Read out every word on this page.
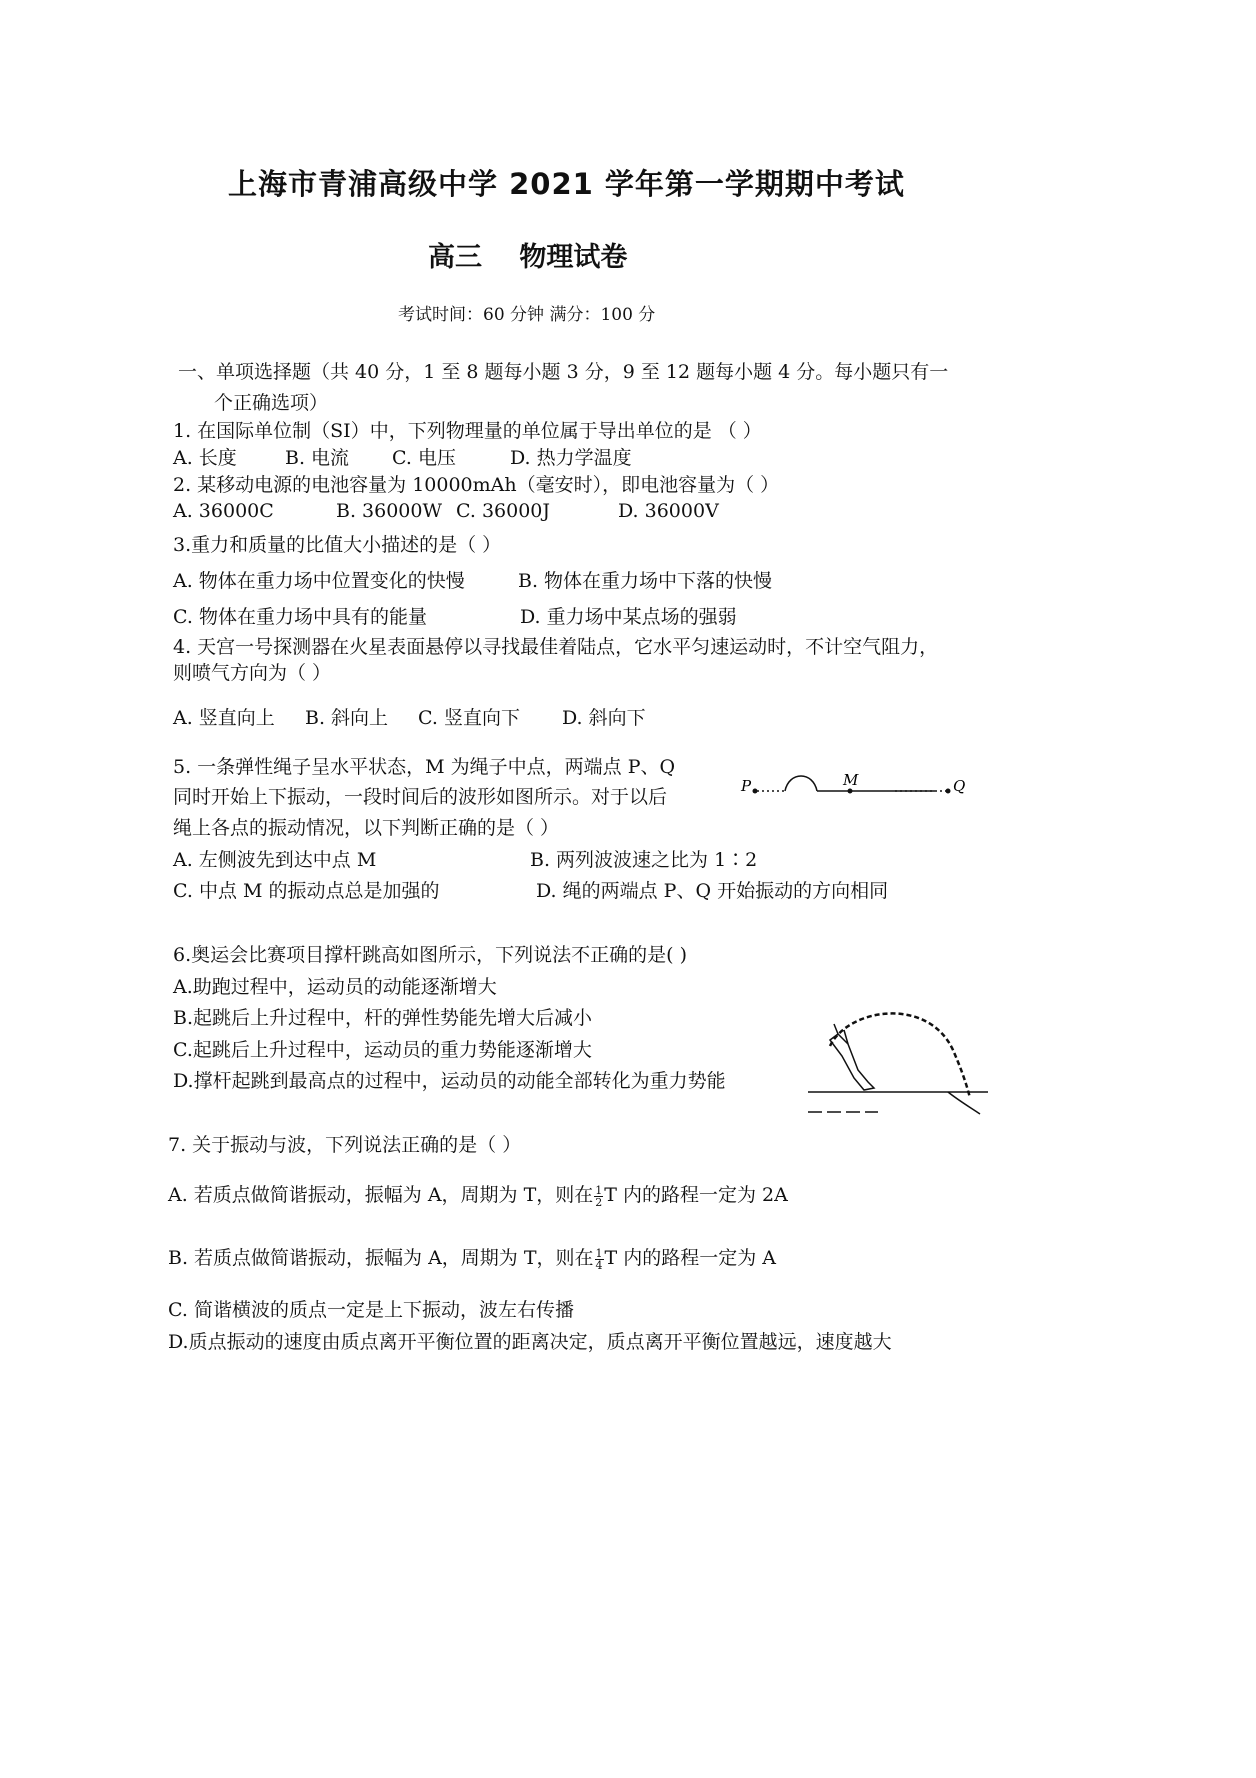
上海市青浦高级中学 2021 学年第一学期期中考试
高三 物理试卷
考试时间：60 分钟 满分：100 分
一、单项选择题（共 40 分，1 至 8 题每小题 3 分，9 至 12 题每小题 4 分。每小题只有一
个正确选项）
1. 在国际单位制（SI）中，下列物理量的单位属于导出单位的是 （ ）
A. 长度	B. 电流 C. 电压	D. 热力学温度
2. 某移动电源的电池容量为 10000mAh（毫安时），即电池容量为（ ）
A. 36000C	B. 36000W C. 36000J	D. 36000V
3.重力和质量的比值大小描述的是（ ）
A. 物体在重力场中位置变化的快慢	B. 物体在重力场中下落的快慢
C. 物体在重力场中具有的能量	D. 重力场中某点场的强弱
4. 天宫一号探测器在火星表面悬停以寻找最佳着陆点，它水平匀速运动时，不计空气阻力，
则喷气方向为（ ）
A. 竖直向上 B. 斜向上 C. 竖直向下 D. 斜向下
5. 一条弹性绳子呈水平状态，M 为绳子中点，两端点 P、Q
同时开始上下振动，一段时间后的波形如图所示。对于以后
绳上各点的振动情况，以下判断正确的是（ ）
A. 左侧波先到达中点 M	B. 两列波波速之比为 1∶2
C. 中点 M 的振动点总是加强的	D. 绳的两端点 P、Q 开始振动的方向相同
P	M	Q
6.奥运会比赛项目撑杆跳高如图所示，下列说法不正确的是( )
A.助跑过程中，运动员的动能逐渐增大
B.起跳后上升过程中，杆的弹性势能先增大后减小
C.起跳后上升过程中，运动员的重力势能逐渐增大
D.撑杆起跳到最高点的过程中，运动员的动能全部转化为重力势能
7. 关于振动与波，下列说法正确的是（ ）
A. 若质点做简谐振动，振幅为 A，周期为 T，则在 $\frac{1}{2}$ T 内的路程一定为 2A
B. 若质点做简谐振动，振幅为 A，周期为 T，则在 $\frac{1}{4}$ T 内的路程一定为 A
C. 简谐横波的质点一定是上下振动，波左右传播
D.质点振动的速度由质点离开平衡位置的距离决定，质点离开平衡位置越远，速度越大
